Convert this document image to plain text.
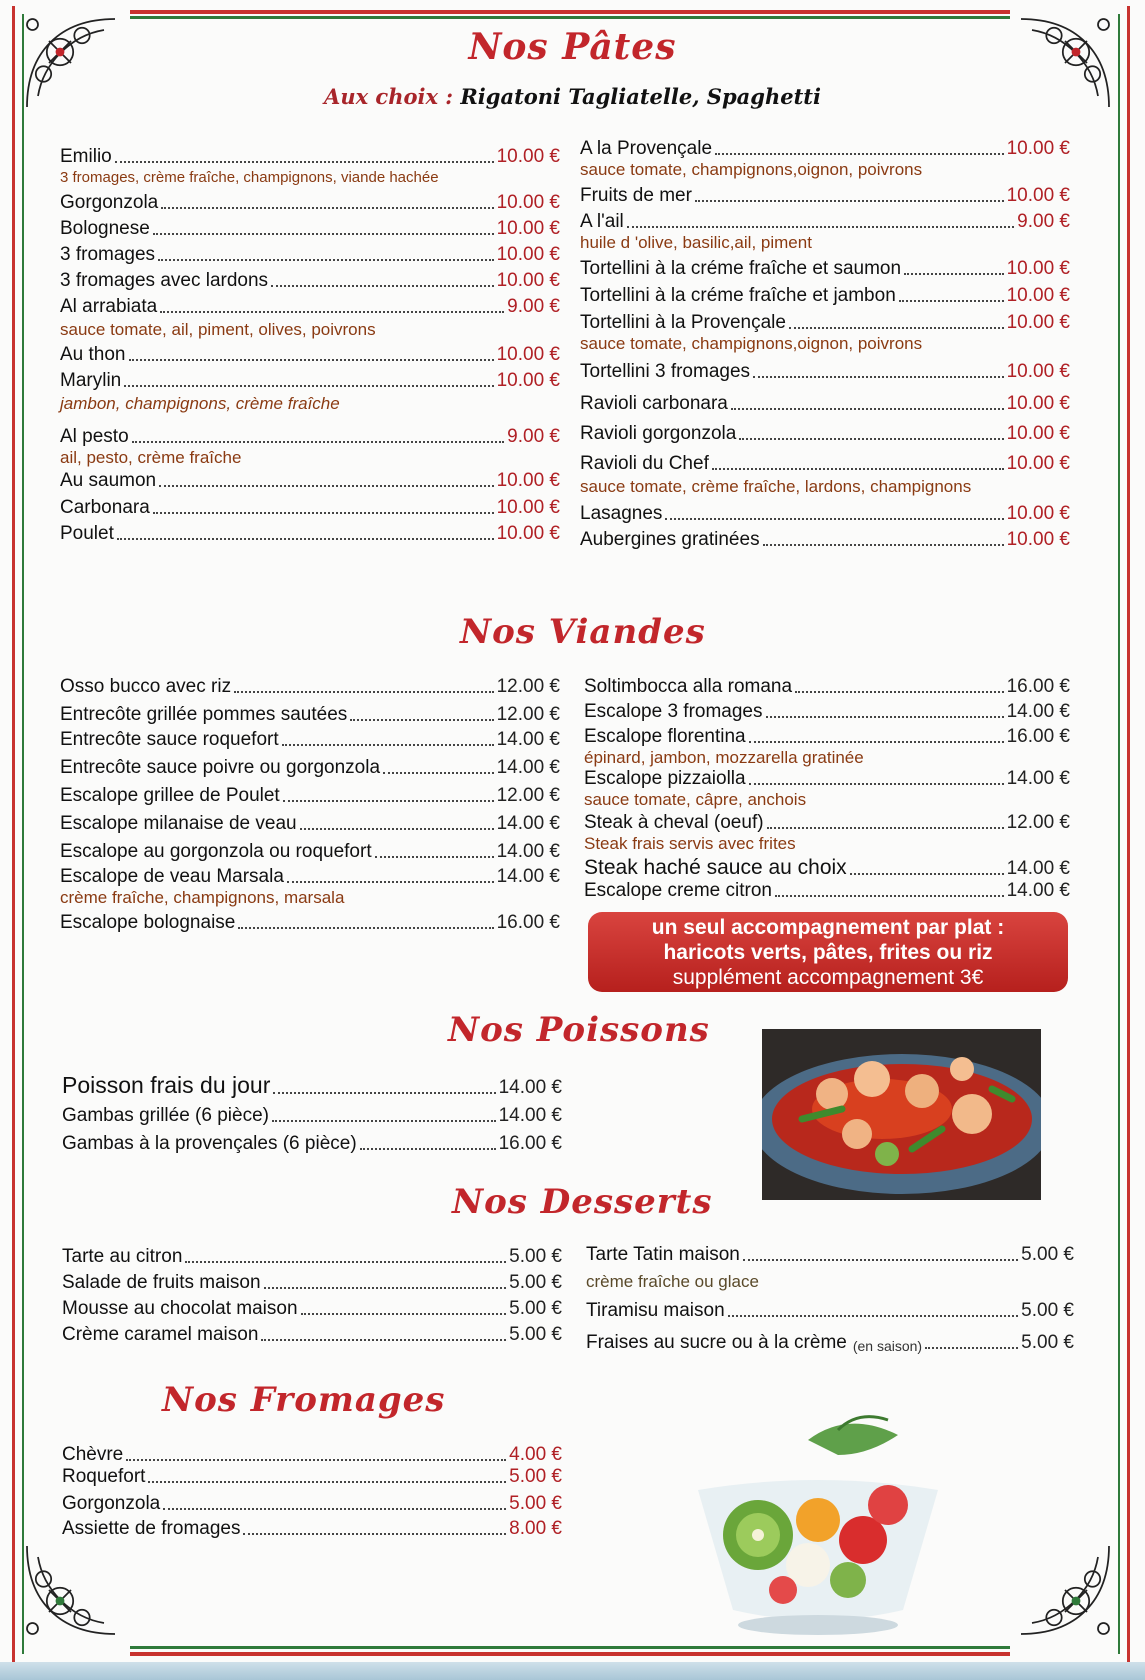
Nos Pâtes
Aux choix : Rigatoni Tagliatelle, Spaghetti
Emilio	10.00 €
3 fromages, crème fraîche, champignons, viande hachée
Gorgonzola	10.00 €
Bolognese	10.00 €
3 fromages	10.00 €
3 fromages avec lardons	10.00 €
Al arrabiata	9.00 €
sauce tomate, ail, piment, olives, poivrons
Au thon	10.00 €
Marylin	10.00 €
jambon, champignons, crème fraîche
Al pesto	9.00 €
ail, pesto, crème fraîche
Au saumon	10.00 €
Carbonara	10.00 €
Poulet	10.00 €
A la Provençale	10.00 €
sauce tomate, champignons,oignon, poivrons
Fruits de mer	10.00 €
A l'ail	9.00 €
huile d 'olive, basilic,ail, piment
Tortellini à la créme fraîche et saumon	10.00 €
Tortellini à la créme fraîche et jambon	10.00 €
Tortellini à la Provençale	10.00 €
sauce tomate, champignons,oignon, poivrons
Tortellini 3 fromages	10.00 €
Ravioli carbonara	10.00 €
Ravioli gorgonzola	10.00 €
Ravioli du Chef	10.00 €
sauce tomate, crème fraîche, lardons, champignons
Lasagnes	10.00 €
Aubergines gratinées	10.00 €
Nos Viandes
Osso bucco avec riz	12.00 €
Entrecôte grillée pommes sautées	12.00 €
Entrecôte sauce roquefort	14.00 €
Entrecôte sauce poivre ou gorgonzola	14.00 €
Escalope grillee de Poulet	12.00 €
Escalope milanaise de veau	14.00 €
Escalope au gorgonzola ou roquefort	14.00 €
Escalope de veau Marsala	14.00 €
crème fraîche, champignons, marsala
Escalope bolognaise	16.00 €
Soltimbocca alla romana	16.00 €
Escalope 3 fromages	14.00 €
Escalope florentina	16.00 €
épinard, jambon, mozzarella gratinée
Escalope pizzaiolla	14.00 €
sauce tomate, câpre, anchois
Steak à cheval (oeuf)	12.00 €
Steak frais servis avec frites
Steak haché sauce au choix	14.00 €
Escalope creme citron	14.00 €
un seul accompagnement par plat :
haricots verts, pâtes, frites ou riz
supplément accompagnement 3€
Nos Poissons
Poisson frais du jour	14.00 €
Gambas grillée (6 pièce)	14.00 €
Gambas à la provençales (6 pièce)	16.00 €
Nos Desserts
Tarte au citron	5.00 €
Salade de fruits maison	5.00 €
Mousse au chocolat maison	5.00 €
Crème caramel maison	5.00 €
Tarte Tatin maison	5.00 €
crème fraîche ou glace
Tiramisu maison	5.00 €
Fraises au sucre ou à la crème (en saison)	5.00 €
Nos Fromages
Chèvre	4.00 €
Roquefort	5.00 €
Gorgonzola	5.00 €
Assiette de fromages	8.00 €
